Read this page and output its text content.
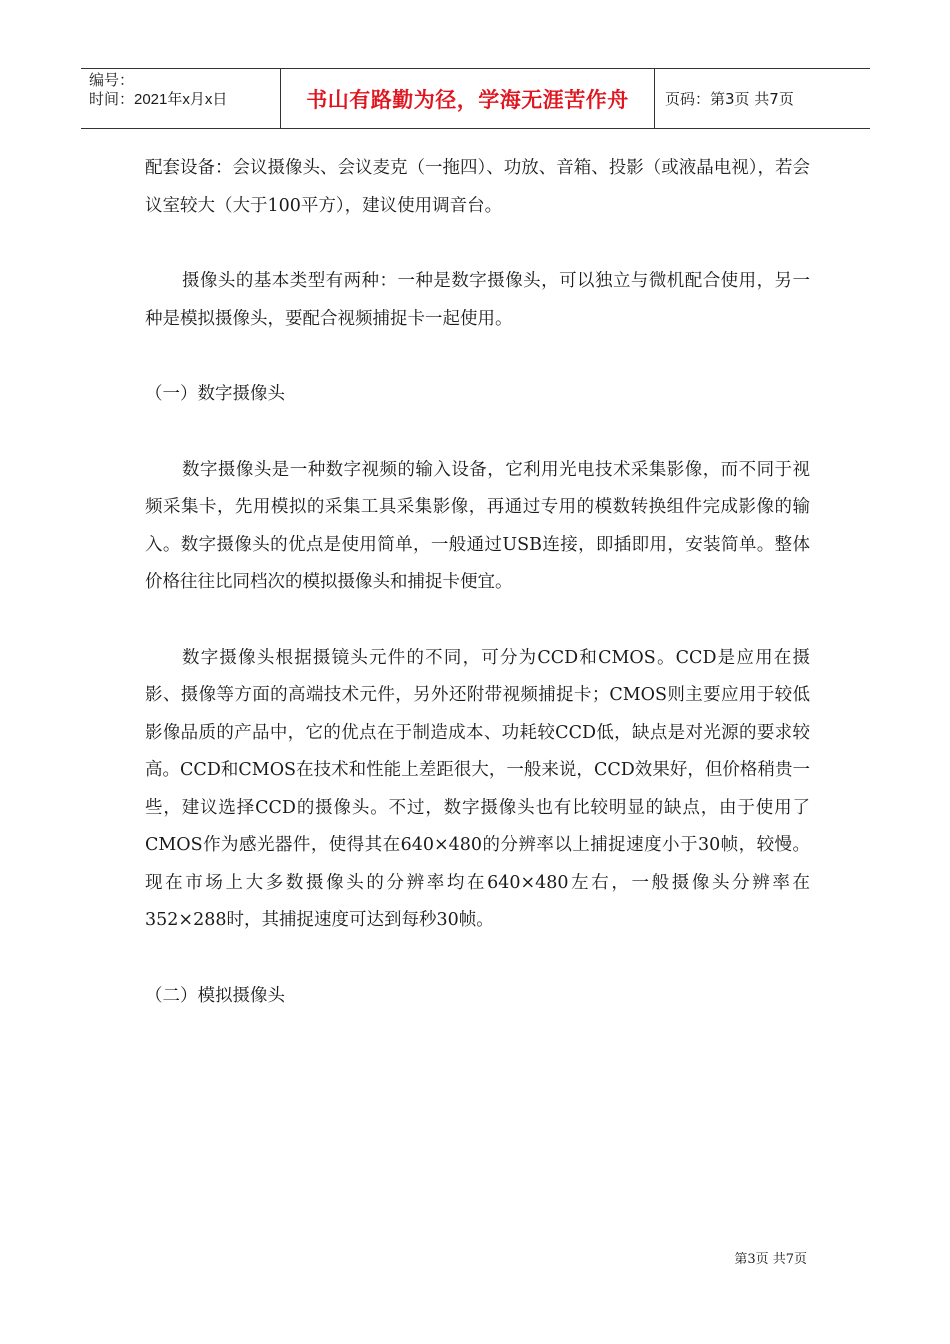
编号：
时间：2021年x月x日	书山有路勤为径，学海无涯苦作舟	页码：第3页 共7页

配套设备：会议摄像头、会议麦克（一拖四）、功放、音箱、投影（或液晶电视），若会议室较大（大于100平方），建议使用调音台。

摄像头的基本类型有两种：一种是数字摄像头，可以独立与微机配合使用，另一种是模拟摄像头，要配合视频捕捉卡一起使用。

（一）数字摄像头

数字摄像头是一种数字视频的输入设备，它利用光电技术采集影像，而不同于视频采集卡，先用模拟的采集工具采集影像，再通过专用的模数转换组件完成影像的输入。数字摄像头的优点是使用简单，一般通过USB连接，即插即用，安装简单。整体价格往往比同档次的模拟摄像头和捕捉卡便宜。

数字摄像头根据摄镜头元件的不同，可分为CCD和CMOS。CCD是应用在摄影、摄像等方面的高端技术元件，另外还附带视频捕捉卡；CMOS则主要应用于较低影像品质的产品中，它的优点在于制造成本、功耗较CCD低，缺点是对光源的要求较高。CCD和CMOS在技术和性能上差距很大，一般来说，CCD效果好，但价格稍贵一些，建议选择CCD的摄像头。不过，数字摄像头也有比较明显的缺点，由于使用了CMOS作为感光器件，使得其在640×480的分辨率以上捕捉速度小于30帧，较慢。现在市场上大多数摄像头的分辨率均在640×480左右，一般摄像头分辨率在352×288时，其捕捉速度可达到每秒30帧。

（二）模拟摄像头

第3页 共7页
